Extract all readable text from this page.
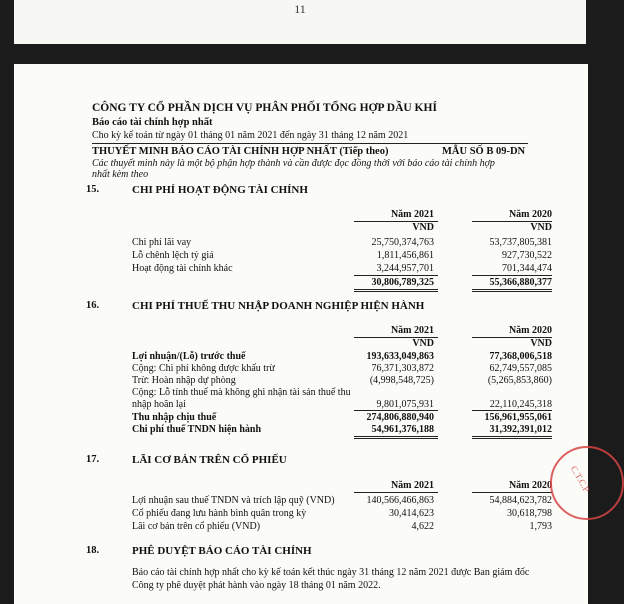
11
CÔNG TY CỔ PHẦN DỊCH VỤ PHÂN PHỐI TỔNG HỢP DẦU KHÍ
Báo cáo tài chính hợp nhất
Cho kỳ kế toán từ ngày 01 tháng 01 năm 2021 đến ngày 31 tháng 12 năm 2021
THUYẾT MINH BÁO CÁO TÀI CHÍNH HỢP NHẤT (Tiếp theo)	MẪU SỐ B 09-DN
Các thuyết minh này là một bộ phận hợp thành và cần được đọc đồng thời với báo cáo tài chính hợp nhất kèm theo
15.	CHI PHÍ HOẠT ĐỘNG TÀI CHÍNH
Năm 2021	Năm 2020
VND	VND
Chi phí lãi vay	25,750,374,763	53,737,805,381
Lỗ chênh lệch tỷ giá	1,811,456,861	927,730,522
Hoạt động tài chính khác	3,244,957,701	701,344,474
30,806,789,325	55,366,880,377
16.	CHI PHÍ THUẾ THU NHẬP DOANH NGHIỆP HIỆN HÀNH
Năm 2021	Năm 2020
VND	VND
Lợi nhuận/(Lỗ) trước thuế	193,633,049,863	77,368,006,518
Cộng: Chi phí không được khấu trừ	76,371,303,872	62,749,557,085
Trừ: Hoàn nhập dự phòng	(4,998,548,725)	(5,265,853,860)
Cộng: Lỗ tính thuế mà không ghi nhận tài sản thuế thu
nhập hoãn lại	9,801,075,931	22,110,245,318
Thu nhập chịu thuế	274,806,880,940	156,961,955,061
Chi phí thuế TNDN hiện hành	54,961,376,188	31,392,391,012
17.	LÃI CƠ BẢN TRÊN CỔ PHIẾU
Năm 2021	Năm 2020
Lợi nhuận sau thuế TNDN và trích lập quỹ (VND)	140,566,466,863	54,884,623,782
Cổ phiếu đang lưu hành bình quân trong kỳ	30,414,623	30,618,798
Lãi cơ bản trên cổ phiếu (VND)	4,622	1,793
18.	PHÊ DUYỆT BÁO CÁO TÀI CHÍNH
Báo cáo tài chính hợp nhất cho kỳ kế toán kết thúc ngày 31 tháng 12 năm 2021 được Ban giám đốc Công ty phê duyệt phát hành vào ngày 18 tháng 01 năm 2022.
C.T.C.P
